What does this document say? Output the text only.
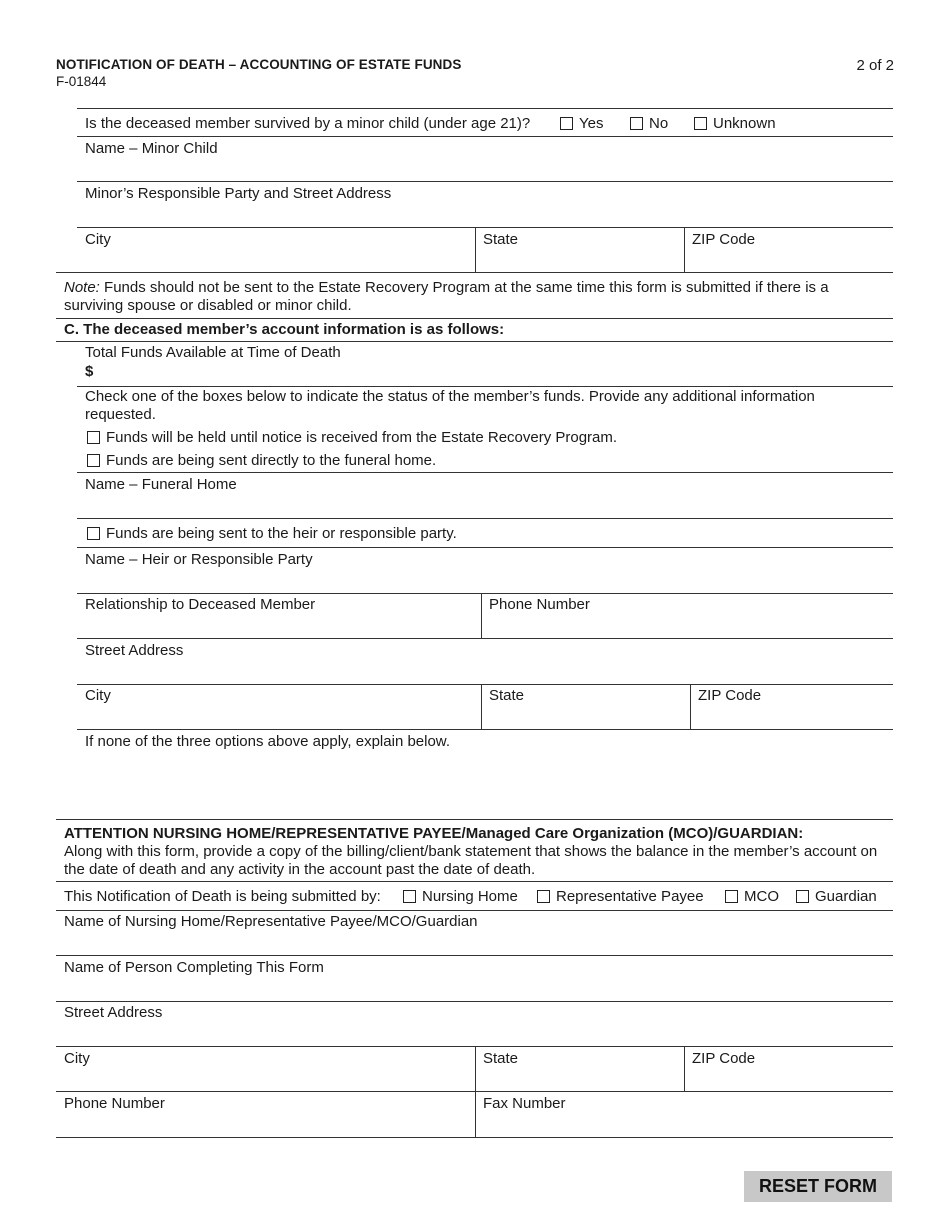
NOTIFICATION OF DEATH – ACCOUNTING OF ESTATE FUNDS
F-01844
2 of 2
Is the deceased member survived by a minor child (under age 21)?	Yes	No	Unknown
Name – Minor Child
Minor’s Responsible Party and Street Address
City	State	ZIP Code
Note: Funds should not be sent to the Estate Recovery Program at the same time this form is submitted if there is a surviving spouse or disabled or minor child.
C. The deceased member’s account information is as follows:
Total Funds Available at Time of Death
$
Check one of the boxes below to indicate the status of the member’s funds. Provide any additional information requested.
Funds will be held until notice is received from the Estate Recovery Program.
Funds are being sent directly to the funeral home.
Name – Funeral Home
Funds are being sent to the heir or responsible party.
Name – Heir or Responsible Party
Relationship to Deceased Member	Phone Number
Street Address
City	State	ZIP Code
If none of the three options above apply, explain below.
ATTENTION NURSING HOME/REPRESENTATIVE PAYEE/Managed Care Organization (MCO)/GUARDIAN:
Along with this form, provide a copy of the billing/client/bank statement that shows the balance in the member’s account on the date of death and any activity in the account past the date of death.
This Notification of Death is being submitted by:	Nursing Home	Representative Payee	MCO	Guardian
Name of Nursing Home/Representative Payee/MCO/Guardian
Name of Person Completing This Form
Street Address
City	State	ZIP Code
Phone Number	Fax Number
RESET FORM
